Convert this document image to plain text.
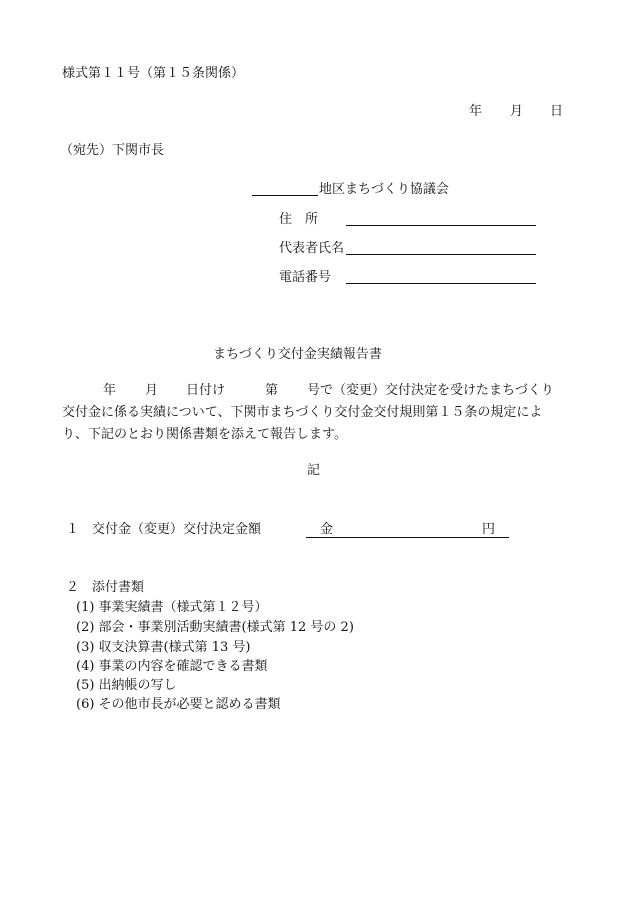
様式第１１号（第１５条関係）
年 月 日
（宛先）下関市長
地区まちづくり協議会
住　所
代表者氏名
電話番号
まちづくり交付金実績報告書
年 月 日付け	第 号で（変更）交付決定を受けたまちづくり
交付金に係る実績について、下関市まちづくり交付金交付規則第１５条の規定によ
り、下記のとおり関係書類を添えて報告します。
記
１　交付金（変更）交付決定金額	金	円
２　添付書類
(1) 事業実績書（様式第１２号）
(2) 部会・事業別活動実績書(様式第 12 号の 2)
(3) 収支決算書(様式第 13 号)
(4) 事業の内容を確認できる書類
(5) 出納帳の写し
(6) その他市長が必要と認める書類
